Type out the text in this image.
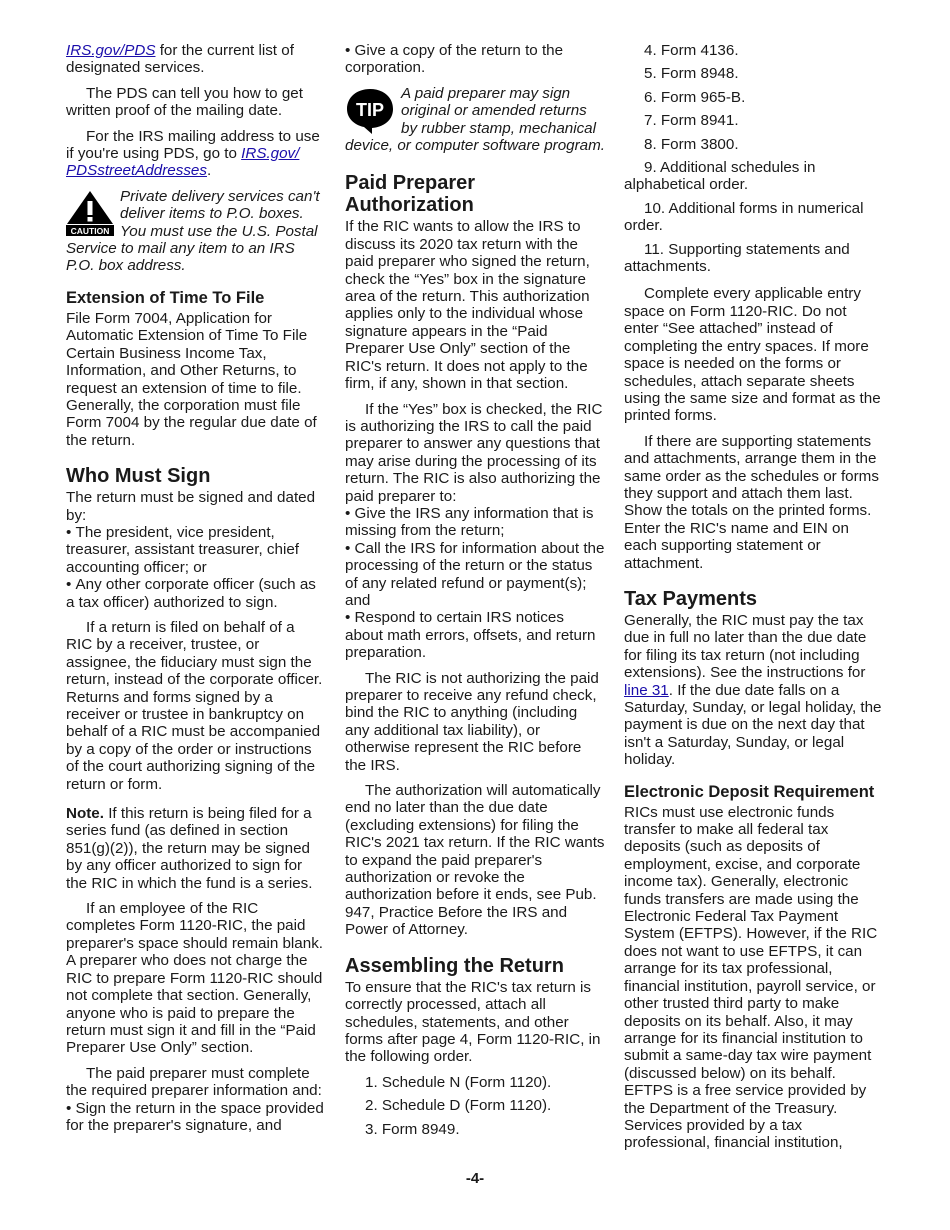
IRS.gov/PDS for the current list of designated services.

The PDS can tell you how to get written proof of the mailing date.

For the IRS mailing address to use if you're using PDS, go to IRS.gov/ PDSstreetAddresses.

CAUTION

Private delivery services can't deliver items to P.O. boxes. You must use the U.S. Postal Service to mail any item to an IRS P.O. box address.

Extension of Time To File

File Form 7004, Application for Automatic Extension of Time To File Certain Business Income Tax, Information, and Other Returns, to request an extension of time to file. Generally, the corporation must file Form 7004 by the regular due date of the return.

Who Must Sign

The return must be signed and dated by:

• The president, vice president, treasurer, assistant treasurer, chief accounting officer; or

• Any other corporate officer (such as a tax officer) authorized to sign.

If a return is filed on behalf of a RIC by a receiver, trustee, or assignee, the fiduciary must sign the return, instead of the corporate officer. Returns and forms signed by a receiver or trustee in bankruptcy on behalf of a RIC must be accompanied by a copy of the order or instructions of the court authorizing signing of the return or form.

Note. If this return is being filed for a series fund (as defined in section 851(g)(2)), the return may be signed by any officer authorized to sign for the RIC in which the fund is a series.

If an employee of the RIC completes Form 1120-RIC, the paid preparer's space should remain blank. A preparer who does not charge the RIC to prepare Form 1120-RIC should not complete that section. Generally, anyone who is paid to prepare the return must sign it and fill in the “Paid Preparer Use Only” section.

The paid preparer must complete the required preparer information and:

• Sign the return in the space provided for the preparer's signature, and

• Give a copy of the return to the corporation.

TIP

A paid preparer may sign original or amended returns by rubber stamp, mechanical device, or computer software program.

Paid Preparer Authorization

If the RIC wants to allow the IRS to discuss its 2020 tax return with the paid preparer who signed the return, check the “Yes” box in the signature area of the return. This authorization applies only to the individual whose signature appears in the “Paid Preparer Use Only” section of the RIC's return. It does not apply to the firm, if any, shown in that section.

If the “Yes” box is checked, the RIC is authorizing the IRS to call the paid preparer to answer any questions that may arise during the processing of its return. The RIC is also authorizing the paid preparer to:

• Give the IRS any information that is missing from the return;

• Call the IRS for information about the processing of the return or the status of any related refund or payment(s); and

• Respond to certain IRS notices about math errors, offsets, and return preparation.

The RIC is not authorizing the paid preparer to receive any refund check, bind the RIC to anything (including any additional tax liability), or otherwise represent the RIC before the IRS.

The authorization will automatically end no later than the due date (excluding extensions) for filing the RIC's 2021 tax return. If the RIC wants to expand the paid preparer's authorization or revoke the authorization before it ends, see Pub. 947, Practice Before the IRS and Power of Attorney.

Assembling the Return

To ensure that the RIC's tax return is correctly processed, attach all schedules, statements, and other forms after page 4, Form 1120-RIC, in the following order.

1. Schedule N (Form 1120).

2. Schedule D (Form 1120).

3. Form 8949.

4. Form 4136.

5. Form 8948.

6. Form 965-B.

7. Form 8941.

8. Form 3800.

9. Additional schedules in alphabetical order.

10. Additional forms in numerical order.

11. Supporting statements and attachments.

Complete every applicable entry space on Form 1120-RIC. Do not enter “See attached” instead of completing the entry spaces. If more space is needed on the forms or schedules, attach separate sheets using the same size and format as the printed forms.

If there are supporting statements and attachments, arrange them in the same order as the schedules or forms they support and attach them last. Show the totals on the printed forms. Enter the RIC's name and EIN on each supporting statement or attachment.

Tax Payments

Generally, the RIC must pay the tax due in full no later than the due date for filing its tax return (not including extensions). See the instructions for line 31. If the due date falls on a Saturday, Sunday, or legal holiday, the payment is due on the next day that isn't a Saturday, Sunday, or legal holiday.

Electronic Deposit Requirement

RICs must use electronic funds transfer to make all federal tax deposits (such as deposits of employment, excise, and corporate income tax). Generally, electronic funds transfers are made using the Electronic Federal Tax Payment System (EFTPS). However, if the RIC does not want to use EFTPS, it can arrange for its tax professional, financial institution, payroll service, or other trusted third party to make deposits on its behalf. Also, it may arrange for its financial institution to submit a same-day tax wire payment (discussed below) on its behalf. EFTPS is a free service provided by the Department of the Treasury. Services provided by a tax professional, financial institution,

-4-
